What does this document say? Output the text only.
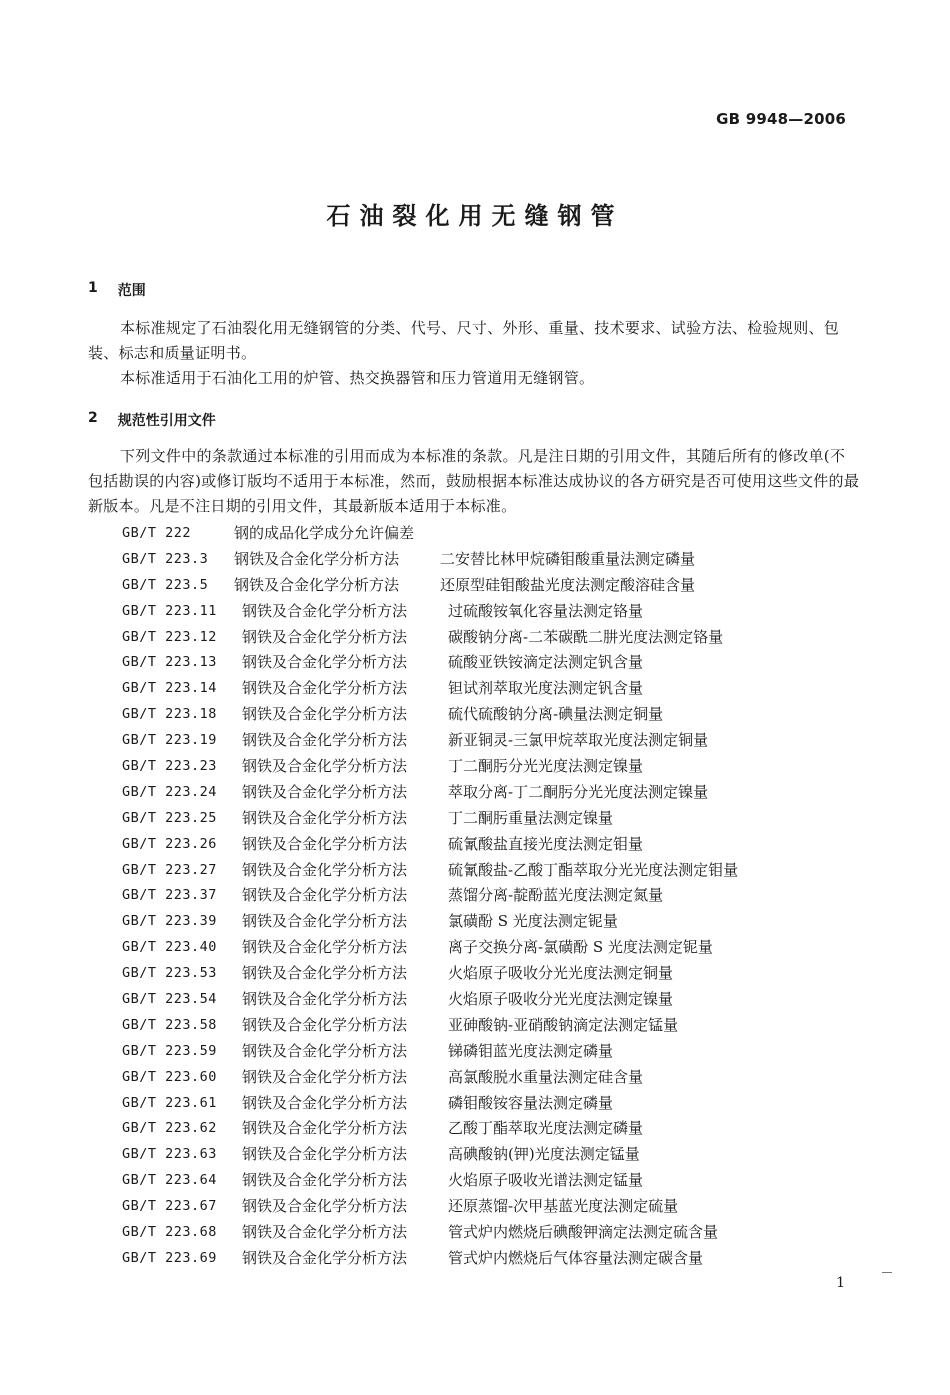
GB 9948—2006
石油裂化用无缝钢管
1 范围

本标准规定了石油裂化用无缝钢管的分类、代号、尺寸、外形、重量、技术要求、试验方法、检验规则、包装、标志和质量证明书。

本标准适用于石油化工用的炉管、热交换器管和压力管道用无缝钢管。

2 规范性引用文件

下列文件中的条款通过本标准的引用而成为本标准的条款。凡是注日期的引用文件，其随后所有的修改单(不包括勘误的内容)或修订版均不适用于本标准，然而，鼓励根据本标准达成协议的各方研究是否可使用这些文件的最新版本。凡是不注日期的引用文件，其最新版本适用于本标准。

GB/T 222	钢的成品化学成分允许偏差
GB/T 223.3	钢铁及合金化学分析方法	二安替比林甲烷磷钼酸重量法测定磷量
GB/T 223.5	钢铁及合金化学分析方法	还原型硅钼酸盐光度法测定酸溶硅含量
GB/T 223.11	钢铁及合金化学分析方法	过硫酸铵氧化容量法测定铬量
GB/T 223.12	钢铁及合金化学分析方法	碳酸钠分离-二苯碳酰二肼光度法测定铬量
GB/T 223.13	钢铁及合金化学分析方法	硫酸亚铁铵滴定法测定钒含量
GB/T 223.14	钢铁及合金化学分析方法	钽试剂萃取光度法测定钒含量
GB/T 223.18	钢铁及合金化学分析方法	硫代硫酸钠分离-碘量法测定铜量
GB/T 223.19	钢铁及合金化学分析方法	新亚铜灵-三氯甲烷萃取光度法测定铜量
GB/T 223.23	钢铁及合金化学分析方法	丁二酮肟分光光度法测定镍量
GB/T 223.24	钢铁及合金化学分析方法	萃取分离-丁二酮肟分光光度法测定镍量
GB/T 223.25	钢铁及合金化学分析方法	丁二酮肟重量法测定镍量
GB/T 223.26	钢铁及合金化学分析方法	硫氰酸盐直接光度法测定钼量
GB/T 223.27	钢铁及合金化学分析方法	硫氰酸盐-乙酸丁酯萃取分光光度法测定钼量
GB/T 223.37	钢铁及合金化学分析方法	蒸馏分离-靛酚蓝光度法测定氮量
GB/T 223.39	钢铁及合金化学分析方法	氯磺酚 S 光度法测定铌量
GB/T 223.40	钢铁及合金化学分析方法	离子交换分离-氯磺酚 S 光度法测定铌量
GB/T 223.53	钢铁及合金化学分析方法	火焰原子吸收分光光度法测定铜量
GB/T 223.54	钢铁及合金化学分析方法	火焰原子吸收分光光度法测定镍量
GB/T 223.58	钢铁及合金化学分析方法	亚砷酸钠-亚硝酸钠滴定法测定锰量
GB/T 223.59	钢铁及合金化学分析方法	锑磷钼蓝光度法测定磷量
GB/T 223.60	钢铁及合金化学分析方法	高氯酸脱水重量法测定硅含量
GB/T 223.61	钢铁及合金化学分析方法	磷钼酸铵容量法测定磷量
GB/T 223.62	钢铁及合金化学分析方法	乙酸丁酯萃取光度法测定磷量
GB/T 223.63	钢铁及合金化学分析方法	高碘酸钠(钾)光度法测定锰量
GB/T 223.64	钢铁及合金化学分析方法	火焰原子吸收光谱法测定锰量
GB/T 223.67	钢铁及合金化学分析方法	还原蒸馏-次甲基蓝光度法测定硫量
GB/T 223.68	钢铁及合金化学分析方法	管式炉内燃烧后碘酸钾滴定法测定硫含量
GB/T 223.69	钢铁及合金化学分析方法	管式炉内燃烧后气体容量法测定碳含量
1
